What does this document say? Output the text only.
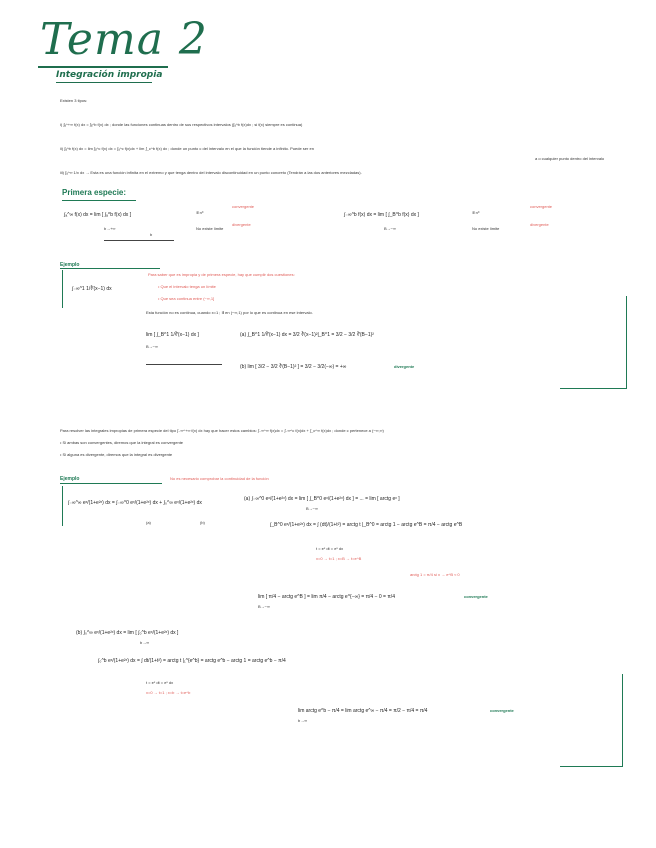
Tema 2
Integración impropia
Existen 3 tipos:
i) ∫ₐ^+∞ f(x) dx = ∫ₐ^b f(x) dx ; donde las funciones continuas dentro de sus respectivos intervalos (∫ₐ^b f(x)dx ; si f(x) siempre es continua)
ii) ∫ₐ^b f(x) dx = lim ∫ₐ^c f(x) dx = ∫ₐ^c f(x)dx + lim ∫_c^b f(x) dx ; donde un punto c del intervalo en el que la función tiende a infinito. Puede ser en
a o cualquier punto dentro del intervalo
iii) ∫ₐ^∞ 1/x dx → Esta es una función infinita en el extremo y que tenga dentro del intervalo discontinuidad en un punto concreto (Tendrán a las dos anteriores mezcladas).
Primera especie:
∫ₐ^∞ f(x) dx = lim [ ∫ₐ^b f(x) dx ]
b→+∞
b
∃ nº
No existe límite
convergente
divergente
∫₋∞^b f(x) dx = lim [ ∫_B^b f(x) dx ]
B→−∞
∃ nº
No existe límite
convergente
divergente
Ejemplo
∫₋∞^1 1/∛(x−1) dx
Para saber que es impropia y de primera especie, hay que cumplir dos cuestiones:
• Que el intervalo tenga un límite
• Que sea continua entre (−∞,1]
Esta función no es continua, cuando x=1 ; ∃ en (−∞,1) por lo que es continua en ese intervalo.
lim [ ∫_B^1 1/∛(x−1) dx ]
B→−∞
(a) ∫_B^1 1/∛(x−1) dx = 3/2 ∛(x−1)²|_B^1 = 3/2 − 3/2 ∛(B−1)²
(b) lim [ 3/2 − 3/2 ∛(B−1)² ] = 3/2 − 3/2(−∞) = +∞	divergente
Para resolver las integrales impropias de primera especie del tipo ∫₋∞^+∞ f(x) dx hay que hacer estos cambios: ∫₋∞^∞ f(x)dx = ∫₋∞^c f(x)dx + ∫_c^∞ f(x)dx ; donde c pertenece a (−∞,∞)
• Si ambas son convergentes, diremos que la integral es convergente
• Si alguna es divergente, diremos que la integral es divergente
Ejemplo	No es necesario comprobar la continuidad de la función
∫₋∞^∞ eˣ/(1+e²ˣ) dx = ∫₋∞^0 eˣ/(1+e²ˣ) dx + ∫₀^∞ eˣ/(1+e²ˣ) dx
(a)	(b)
(a) ∫₋∞^0 eˣ/(1+e²ˣ) dx = lim [ ∫_B^0 eˣ/(1+e²ˣ) dx ] = ... = lim [ arctg eˣ ]
B→−∞
∫_B^0 eˣ/(1+e²ˣ) dx = ∫ (dt)/(1+t²) = arctg t |_B^0 = arctg 1 − arctg e^B = π/4 − arctg e^B
t = eˣ dt = eˣ dx
x=0 → t=1 ; x=B → t=e^B
arctg 1 = π/4 si x → e^B ≈ 0
lim [ π/4 − arctg e^B ] = lim π/4 − arctg e^{−∞} = π/4 − 0 = π/4
B→−∞
convergente
(b) ∫₀^∞ eˣ/(1+e²ˣ) dx = lim [ ∫₀^b eˣ/(1+e²ˣ) dx ]
b→∞
∫₀^b eˣ/(1+e²ˣ) dx = ∫ dt/(1+t²) = arctg t |₁^{e^b} = arctg e^b − arctg 1 = arctg e^b − π/4
t = eˣ dt = eˣ dx
x=0 → t=1 ; x=b → t=e^b
lim arctg e^b − π/4 = lim arctg e^∞ − π/4 = π/2 − π/4 = π/4
b→∞
convergente
